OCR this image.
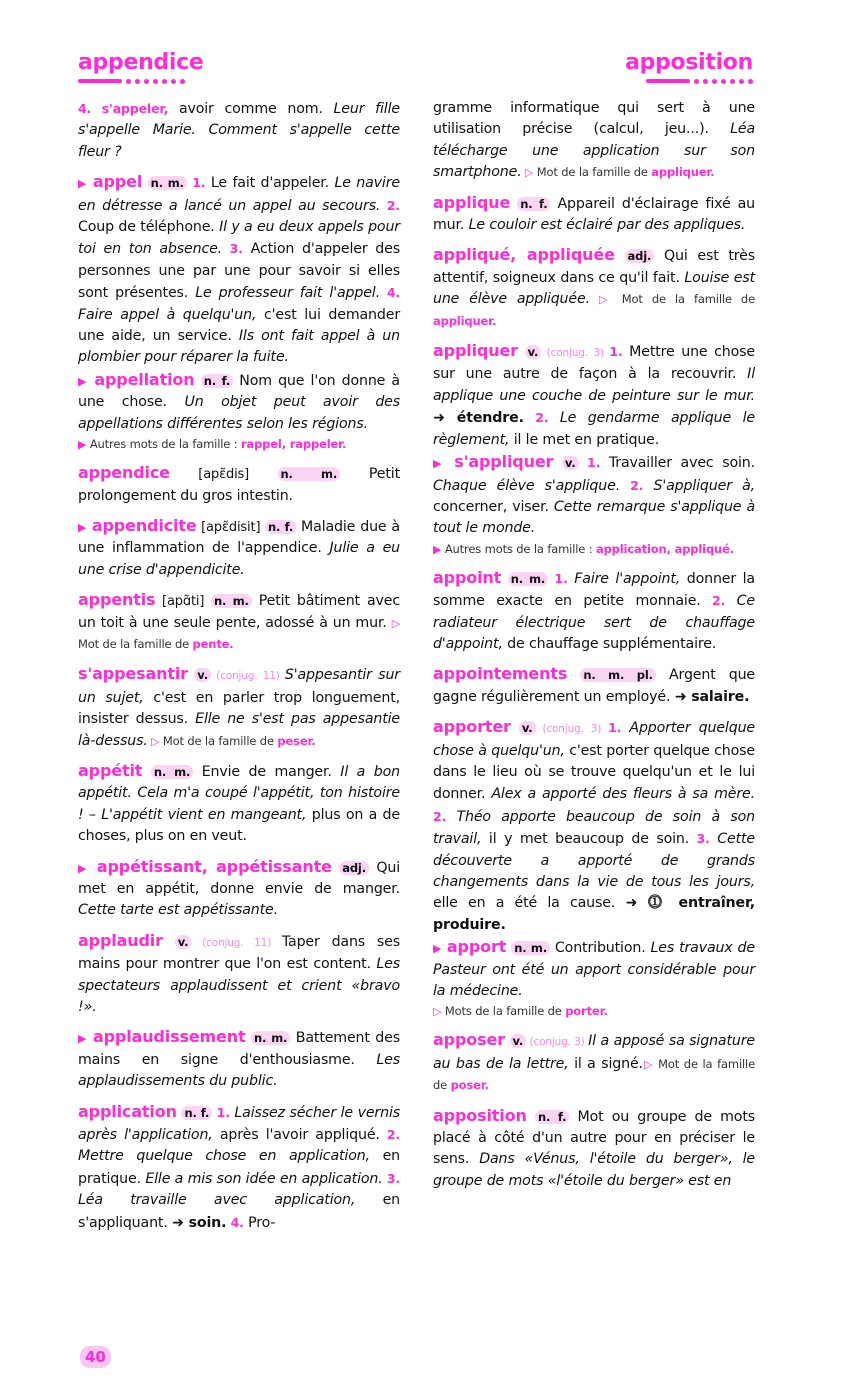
appendice	apposition
4. s'appeler, avoir comme nom. Leur fille s'appelle Marie. Comment s'appelle cette fleur ?
▶ appel n. m. 1. Le fait d'appeler. Le navire en détresse a lancé un appel au secours. 2. Coup de téléphone. Il y a eu deux appels pour toi en ton absence. 3. Action d'appeler des personnes une par une pour savoir si elles sont présentes. Le professeur fait l'appel. 4. Faire appel à quelqu'un, c'est lui demander une aide, un service. Ils ont fait appel à un plombier pour réparer la fuite.
▶ appellation n. f. Nom que l'on donne à une chose. Un objet peut avoir des appellations différentes selon les régions.
▶ Autres mots de la famille : rappel, rappeler.
appendice [apɛ̃dis] n. m. Petit prolongement du gros intestin.
▶ appendicite [apɛ̃disit] n. f. Maladie due à une inflammation de l'appendice. Julie a eu une crise d'appendicite.
appentis [apɑ̃ti] n. m. Petit bâtiment avec un toit à une seule pente, adossé à un mur. ▷ Mot de la famille de pente.
s'appesantir v. (conjug. 11) S'appesantir sur un sujet, c'est en parler trop longuement, insister dessus. Elle ne s'est pas appesantie là-dessus. ▷ Mot de la famille de peser.
appétit n. m. Envie de manger. Il a bon appétit. Cela m'a coupé l'appétit, ton histoire ! – L'appétit vient en mangeant, plus on a de choses, plus on en veut.
▶ appétissant, appétissante adj. Qui met en appétit, donne envie de manger. Cette tarte est appétissante.
applaudir v. (conjug. 11) Taper dans ses mains pour montrer que l'on est content. Les spectateurs applaudissent et crient «bravo !».
▶ applaudissement n. m. Battement des mains en signe d'enthousiasme. Les applaudissements du public.
application n. f. 1. Laissez sécher le vernis après l'application, après l'avoir appliqué. 2. Mettre quelque chose en application, en pratique. Elle a mis son idée en application. 3. Léa travaille avec application, en s'appliquant. ➜ soin. 4. Pro-
gramme informatique qui sert à une utilisation précise (calcul, jeu...). Léa télécharge une application sur son smartphone. ▷ Mot de la famille de appliquer.
applique n. f. Appareil d'éclairage fixé au mur. Le couloir est éclairé par des appliques.
appliqué, appliquée adj. Qui est très attentif, soigneux dans ce qu'il fait. Louise est une élève appliquée. ▷ Mot de la famille de appliquer.
appliquer v. (conjug. 3) 1. Mettre une chose sur une autre de façon à la recouvrir. Il applique une couche de peinture sur le mur. ➜ étendre. 2. Le gendarme applique le règlement, il le met en pratique.
▶ s'appliquer v. 1. Travailler avec soin. Chaque élève s'applique. 2. S'appliquer à, concerner, viser. Cette remarque s'applique à tout le monde.
▶ Autres mots de la famille : application, appliqué.
appoint n. m. 1. Faire l'appoint, donner la somme exacte en petite monnaie. 2. Ce radiateur électrique sert de chauffage d'appoint, de chauffage supplémentaire.
appointements n. m. pl. Argent que gagne régulièrement un employé. ➜ salaire.
apporter v. (conjug. 3) 1. Apporter quelque chose à quelqu'un, c'est porter quelque chose dans le lieu où se trouve quelqu'un et le lui donner. Alex a apporté des fleurs à sa mère. 2. Théo apporte beaucoup de soin à son travail, il y met beaucoup de soin. 3. Cette découverte a apporté de grands changements dans la vie de tous les jours, elle en a été la cause. ➜ ⓵ entraîner, produire.
▶ apport n. m. Contribution. Les travaux de Pasteur ont été un apport considérable pour la médecine.
▷ Mots de la famille de porter.
apposer v. (conjug. 3) Il a apposé sa signature au bas de la lettre, il a signé.▷ Mot de la famille de poser.
apposition n. f. Mot ou groupe de mots placé à côté d'un autre pour en préciser le sens. Dans «Vénus, l'étoile du berger», le groupe de mots «l'étoile du berger» est en
40
